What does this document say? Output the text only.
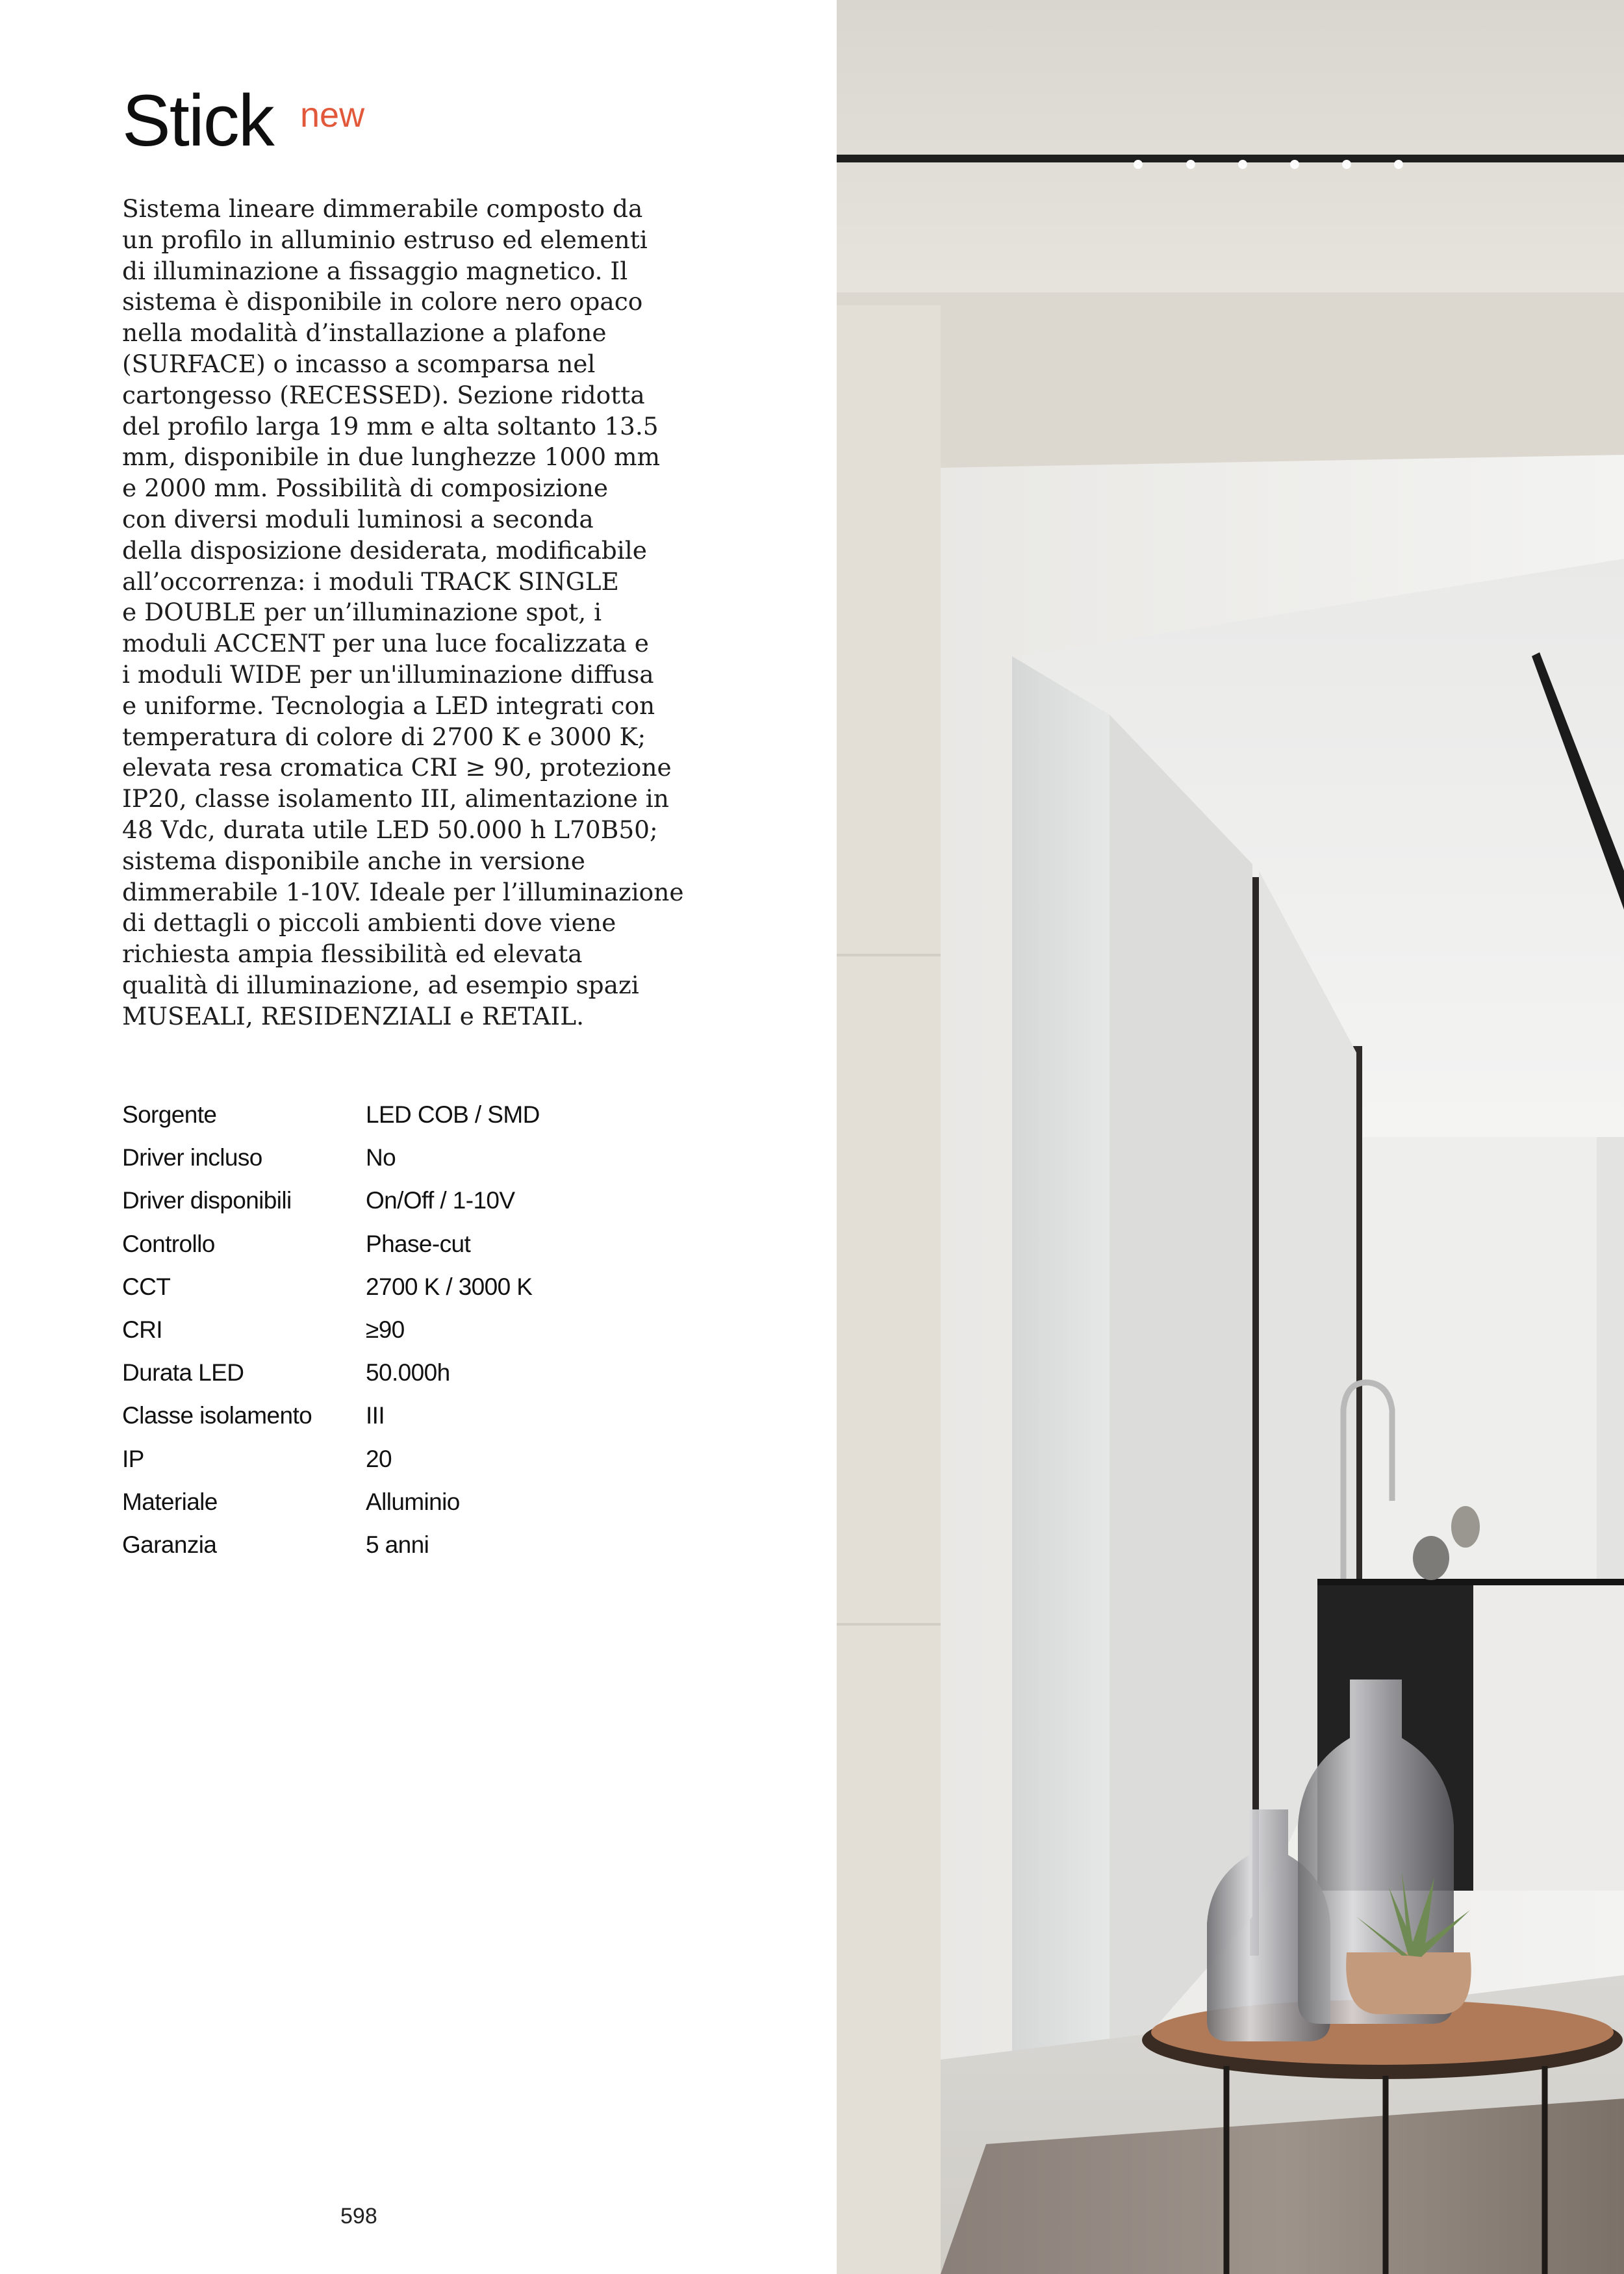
Stick new

Sistema lineare dimmerabile composto da
un profilo in alluminio estruso ed elementi
di illuminazione a fissaggio magnetico. Il
sistema è disponibile in colore nero opaco
nella modalità d’installazione a plafone
(SURFACE) o incasso a scomparsa nel
cartongesso (RECESSED). Sezione ridotta
del profilo larga 19 mm e alta soltanto 13.5
mm, disponibile in due lunghezze 1000 mm
e 2000 mm. Possibilità di composizione
con diversi moduli luminosi a seconda
della disposizione desiderata, modificabile
all’occorrenza: i moduli TRACK SINGLE
e DOUBLE per un’illuminazione spot, i
moduli ACCENT per una luce focalizzata e
i moduli WIDE per un'illuminazione diffusa
e uniforme. Tecnologia a LED integrati con
temperatura di colore di 2700 K e 3000 K;
elevata resa cromatica CRI ≥ 90, protezione
IP20, classe isolamento III, alimentazione in
48 Vdc, durata utile LED 50.000 h L70B50;
sistema disponibile anche in versione
dimmerabile 1-10V. Ideale per l’illuminazione
di dettagli o piccoli ambienti dove viene
richiesta ampia flessibilità ed elevata
qualità di illuminazione, ad esempio spazi
MUSEALI, RESIDENZIALI e RETAIL.

Sorgente	LED COB / SMD
Driver incluso	No
Driver disponibili	On/Off / 1-10V
Controllo	Phase-cut
CCT	2700 K / 3000 K
CRI	≥90
Durata LED	50.000h
Classe isolamento	III
IP	20
Materiale	Alluminio
Garanzia	5 anni
598
